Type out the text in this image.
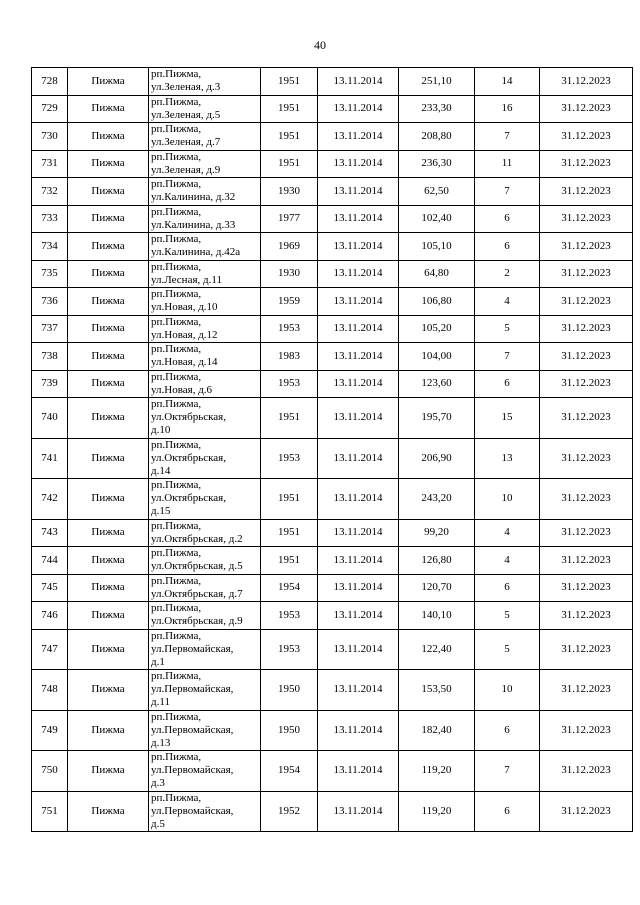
40
728	Пижма	рп.Пижма,
ул.Зеленая, д.3	1951	13.11.2014	251,10	14	31.12.2023
729	Пижма	рп.Пижма,
ул.Зеленая, д.5	1951	13.11.2014	233,30	16	31.12.2023
730	Пижма	рп.Пижма,
ул.Зеленая, д.7	1951	13.11.2014	208,80	7	31.12.2023
731	Пижма	рп.Пижма,
ул.Зеленая, д.9	1951	13.11.2014	236,30	11	31.12.2023
732	Пижма	рп.Пижма,
ул.Калинина, д.32	1930	13.11.2014	62,50	7	31.12.2023
733	Пижма	рп.Пижма,
ул.Калинина, д.33	1977	13.11.2014	102,40	6	31.12.2023
734	Пижма	рп.Пижма,
ул.Калинина, д.42а	1969	13.11.2014	105,10	6	31.12.2023
735	Пижма	рп.Пижма,
ул.Лесная, д.11	1930	13.11.2014	64,80	2	31.12.2023
736	Пижма	рп.Пижма,
ул.Новая, д.10	1959	13.11.2014	106,80	4	31.12.2023
737	Пижма	рп.Пижма,
ул.Новая, д.12	1953	13.11.2014	105,20	5	31.12.2023
738	Пижма	рп.Пижма,
ул.Новая, д.14	1983	13.11.2014	104,00	7	31.12.2023
739	Пижма	рп.Пижма,
ул.Новая, д.6	1953	13.11.2014	123,60	6	31.12.2023
740	Пижма	рп.Пижма,
ул.Октябрьская,
д.10	1951	13.11.2014	195,70	15	31.12.2023
741	Пижма	рп.Пижма,
ул.Октябрьская,
д.14	1953	13.11.2014	206,90	13	31.12.2023
742	Пижма	рп.Пижма,
ул.Октябрьская,
д.15	1951	13.11.2014	243,20	10	31.12.2023
743	Пижма	рп.Пижма,
ул.Октябрьская, д.2	1951	13.11.2014	99,20	4	31.12.2023
744	Пижма	рп.Пижма,
ул.Октябрьская, д.5	1951	13.11.2014	126,80	4	31.12.2023
745	Пижма	рп.Пижма,
ул.Октябрьская, д.7	1954	13.11.2014	120,70	6	31.12.2023
746	Пижма	рп.Пижма,
ул.Октябрьская, д.9	1953	13.11.2014	140,10	5	31.12.2023
747	Пижма	рп.Пижма,
ул.Первомайская,
д.1	1953	13.11.2014	122,40	5	31.12.2023
748	Пижма	рп.Пижма,
ул.Первомайская,
д.11	1950	13.11.2014	153,50	10	31.12.2023
749	Пижма	рп.Пижма,
ул.Первомайская,
д.13	1950	13.11.2014	182,40	6	31.12.2023
750	Пижма	рп.Пижма,
ул.Первомайская,
д.3	1954	13.11.2014	119,20	7	31.12.2023
751	Пижма	рп.Пижма,
ул.Первомайская,
д.5	1952	13.11.2014	119,20	6	31.12.2023
